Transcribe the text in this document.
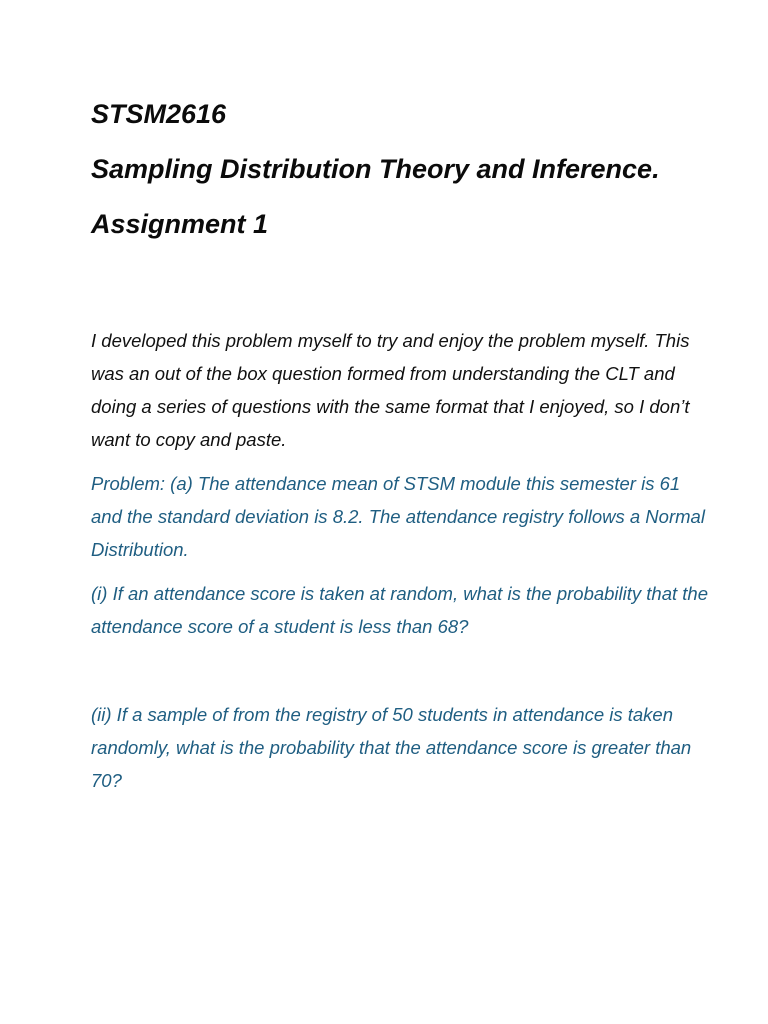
STSM2616
Sampling Distribution Theory and Inference.
Assignment 1

I developed this problem myself to try and enjoy the problem myself. This was an out of the box question formed from understanding the CLT and doing a series of questions with the same format that I enjoyed, so I don’t want to copy and paste.

Problem: (a) The attendance mean of STSM module this semester is 61 and the standard deviation is 8.2. The attendance registry follows a Normal Distribution.

(i) If an attendance score is taken at random, what is the probability that the attendance score of a student is less than 68?

(ii) If a sample of from the registry of 50 students in attendance is taken randomly, what is the probability that the attendance score is greater than 70?
